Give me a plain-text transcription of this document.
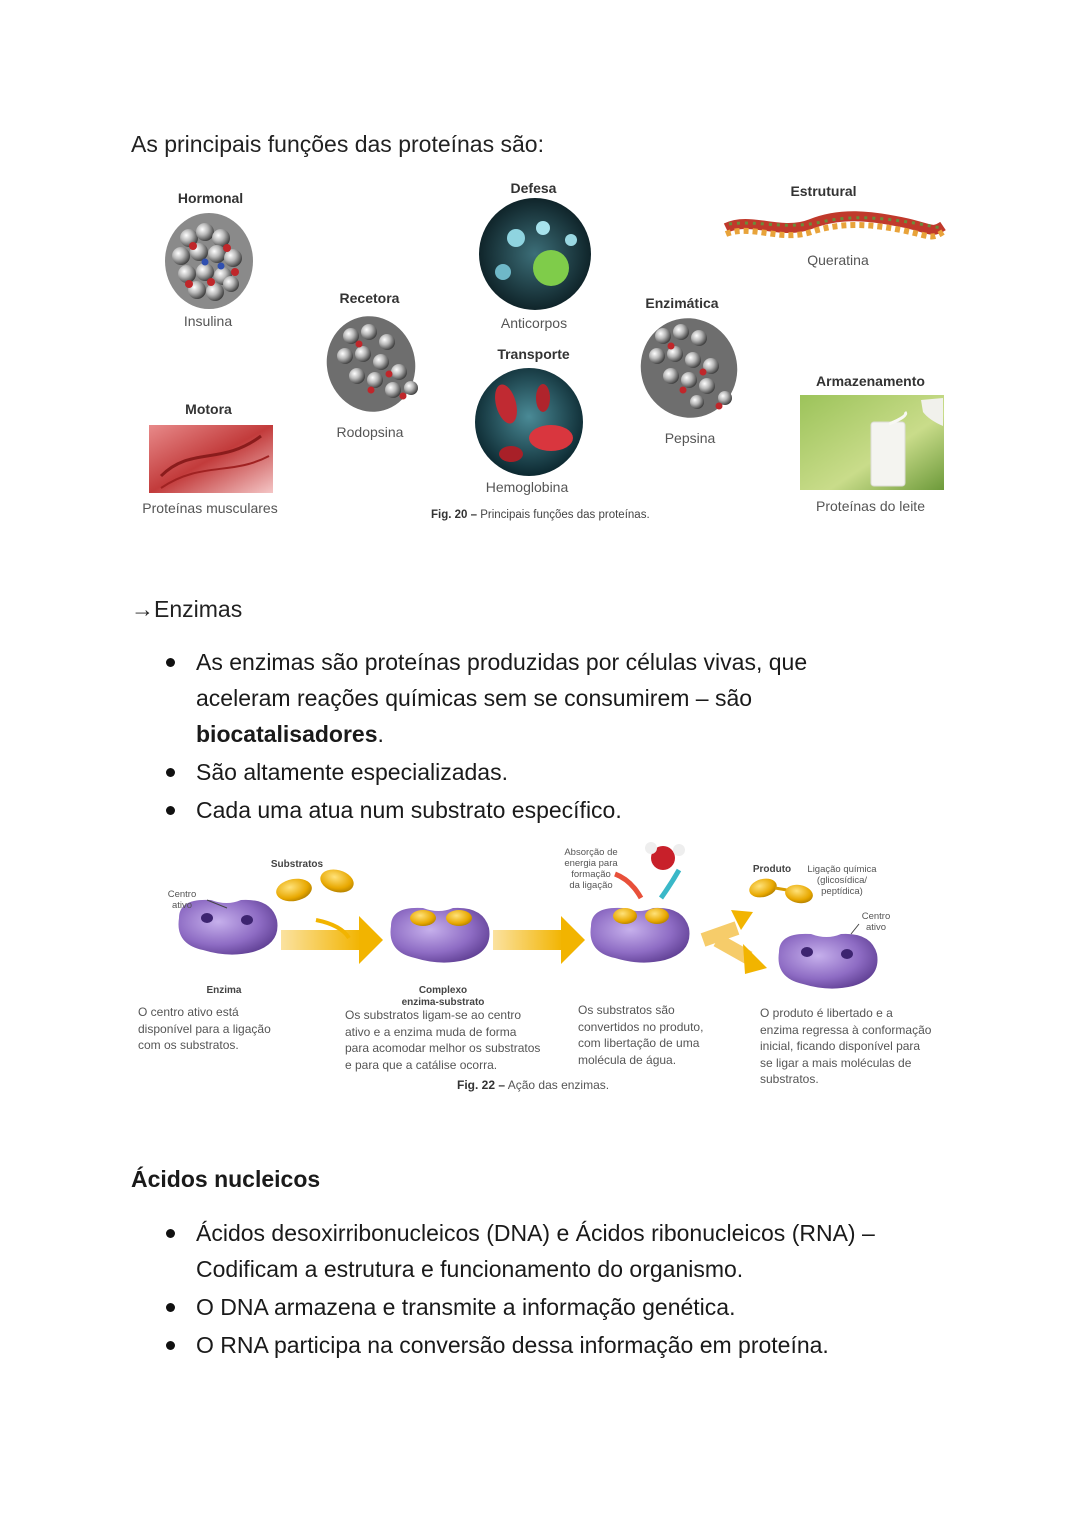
As principais funções das proteínas são:
Hormonal
Defesa	Estrutural
Recetora	Enzimática
Transporte
Motora
Armazenamento
Insulina	Anticorpos
Queratina
Rodopsina	Pepsina
Hemoglobina
Proteínas musculares	Proteínas do leite
Fig. 20 – Principais funções das proteínas.
→Enzimas
As enzimas são proteínas produzidas por células vivas, que
aceleram reações químicas sem se consumirem – são
biocatalisadores.
São altamente especializadas.
Cada uma atua num substrato específico.
Substratos
Centro
ativo
Enzima	Complexo
enzima-substrato
Absorção de
energia para
formação
da ligação
Produto	Ligação química
(glicosídica/
peptídica)
Centro
ativo
O centro ativo está
disponível para a ligação
com os substratos.
Os substratos ligam-se ao centro
ativo e a enzima muda de forma
para acomodar melhor os substratos
e para que a catálise ocorra.
Os substratos são
convertidos no produto,
com libertação de uma
molécula de água.
O produto é libertado e a
enzima regressa à conformação
inicial, ficando disponível para
se ligar a mais moléculas de
substratos.
Fig. 22 – Ação das enzimas.
Ácidos nucleicos
Ácidos desoxirribonucleicos (DNA) e Ácidos ribonucleicos (RNA) –
Codificam a estrutura e funcionamento do organismo.
O DNA armazena e transmite a informação genética.
O RNA participa na conversão dessa informação em proteína.
